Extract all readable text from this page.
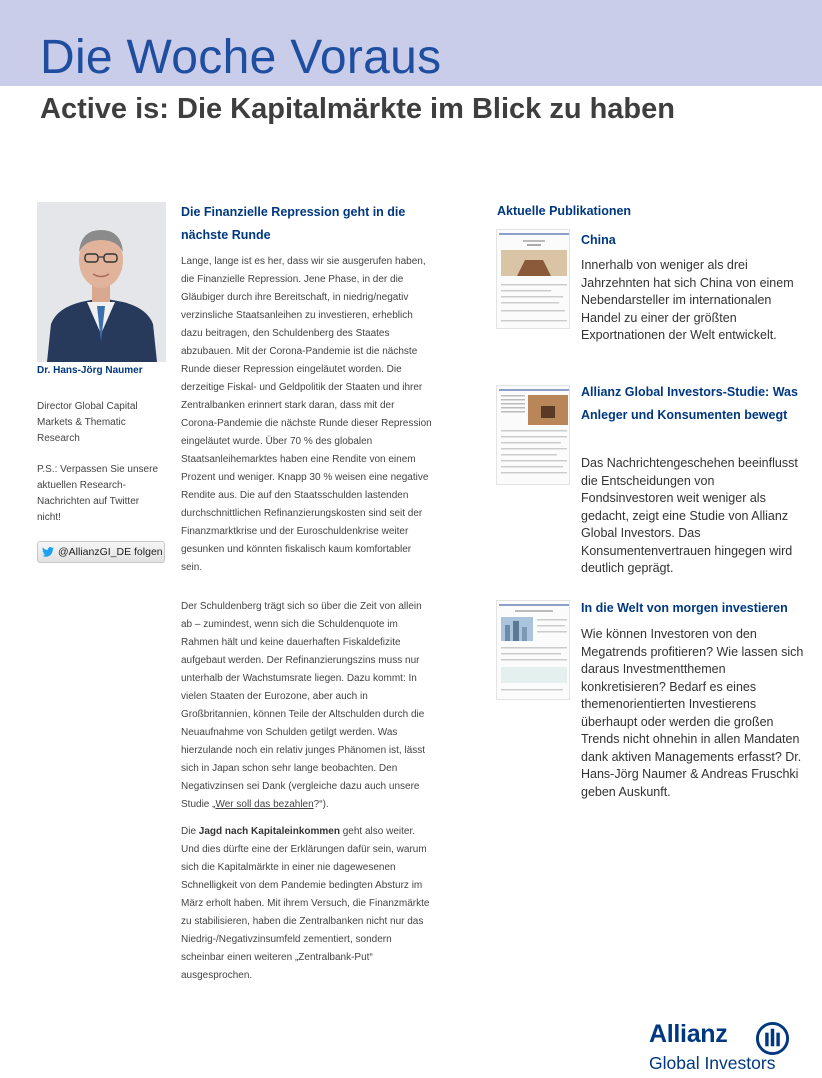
Die Woche Voraus
Active is: Die Kapitalmärkte im Blick zu haben
Dr. Hans-Jörg Naumer
Director Global Capital Markets & Thematic Research
P.S.: Verpassen Sie unsere aktuellen Research-Nachrichten auf Twitter nicht!
@AllianzGI_DE folgen
Die Finanzielle Repression geht in die nächste Runde

Lange, lange ist es her, dass wir sie ausgerufen haben, die Finanzielle Repression. Jene Phase, in der die Gläubiger durch ihre Bereitschaft, in niedrig/negativ verzinsliche Staatsanleihen zu investieren, erheblich dazu beitragen, den Schuldenberg des Staates abzubauen. Mit der Corona-Pandemie ist die nächste Runde dieser Repression eingeläutet worden. Die derzeitige Fiskal- und Geldpolitik der Staaten und ihrer Zentralbanken erinnert stark daran, dass mit der Corona-Pandemie die nächste Runde dieser Repression eingeläutet wurde. Über 70 % des globalen Staatsanleihemarktes haben eine Rendite von einem Prozent und weniger. Knapp 30 % weisen eine negative Rendite aus. Die auf den Staatsschulden lastenden durchschnittlichen Refinanzierungskosten sind seit der Finanzmarktkrise und der Euroschuldenkrise weiter gesunken und könnten fiskalisch kaum komfortabler sein.

Der Schuldenberg trägt sich so über die Zeit von allein ab – zumindest, wenn sich die Schuldenquote im Rahmen hält und keine dauerhaften Fiskaldefizite aufgebaut werden. Der Refinanzierungszins muss nur unterhalb der Wachstumsrate liegen. Dazu kommt: In vielen Staaten der Eurozone, aber auch in Großbritannien, können Teile der Altschulden durch die Neuaufnahme von Schulden getilgt werden. Was hierzulande noch ein relativ junges Phänomen ist, lässt sich in Japan schon sehr lange beobachten. Den Negativzinsen sei Dank (vergleiche dazu auch unsere Studie „Wer soll das bezahlen?“).

Die Jagd nach Kapitaleinkommen geht also weiter. Und dies dürfte eine der Erklärungen dafür sein, warum sich die Kapitalmärkte in einer nie dagewesenen Schnelligkeit von dem Pandemie bedingten Absturz im März erholt haben. Mit ihrem Versuch, die Finanzmärkte zu stabilisieren, haben die Zentralbanken nicht nur das Niedrig-/Negativzinsumfeld zementiert, sondern scheinbar einen weiteren „Zentralbank-Put“ ausgesprochen.

Aktuelle Publikationen
China

Innerhalb von weniger als drei Jahrzehnten hat sich China von einem Nebendarsteller im internationalen Handel zu einer der größten Exportnationen der Welt entwickelt.

Allianz Global Investors-Studie: Was Anleger und Konsumenten bewegt

Das Nachrichtengeschehen beeinflusst die Entscheidungen von Fondsinvestoren weit weniger als gedacht, zeigt eine Studie von Allianz Global Investors. Das Konsumentenvertrauen hingegen wird deutlich geprägt.

In die Welt von morgen investieren

Wie können Investoren von den Megatrends profitieren? Wie lassen sich daraus Investmentthemen konkretisieren? Bedarf es eines themenorientierten Investierens überhaupt oder werden die großen Trends nicht ohnehin in allen Mandaten dank aktiven Managements erfasst? Dr. Hans-Jörg Naumer & Andreas Fruschki geben Auskunft.

Allianz
Global Investors
